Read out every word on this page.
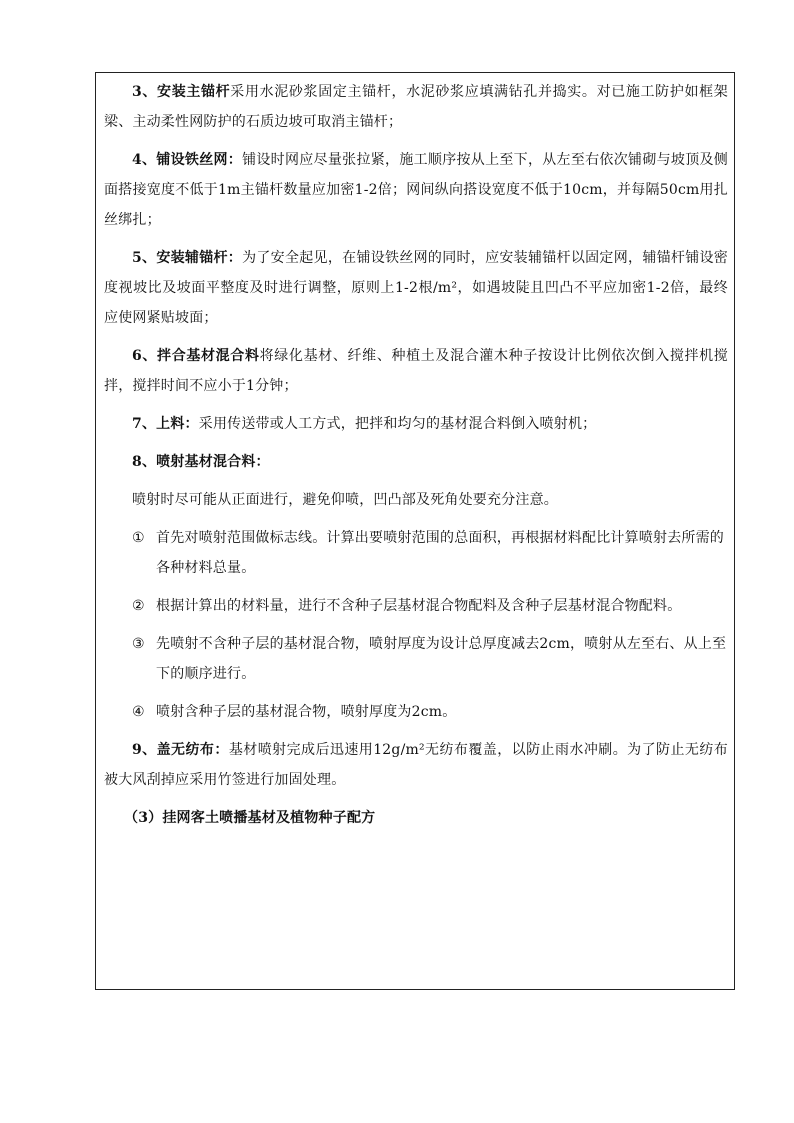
3、安装主锚杆采用水泥砂浆固定主锚杆，水泥砂浆应填满钻孔并捣实。对已施工防护如框架梁、主动柔性网防护的石质边坡可取消主锚杆；

4、铺设铁丝网：铺设时网应尽量张拉紧，施工顺序按从上至下，从左至右依次铺砌与坡顶及侧面搭接宽度不低于1m主锚杆数量应加密1-2倍；网间纵向搭设宽度不低于10cm，并每隔50cm用扎丝绑扎；

5、安装辅锚杆：为了安全起见，在铺设铁丝网的同时，应安装辅锚杆以固定网，辅锚杆铺设密度视坡比及坡面平整度及时进行调整，原则上1-2根/m²，如遇坡陡且凹凸不平应加密1-2倍，最终应使网紧贴坡面；

6、拌合基材混合料将绿化基材、纤维、种植土及混合灌木种子按设计比例依次倒入搅拌机搅拌，搅拌时间不应小于1分钟；

7、上料：采用传送带或人工方式，把拌和均匀的基材混合料倒入喷射机；

8、喷射基材混合料：

喷射时尽可能从正面进行，避免仰喷，凹凸部及死角处要充分注意。

① 首先对喷射范围做标志线。计算出要喷射范围的总面积，再根据材料配比计算喷射去所需的各种材料总量。
② 根据计算出的材料量，进行不含种子层基材混合物配料及含种子层基材混合物配料。
③ 先喷射不含种子层的基材混合物，喷射厚度为设计总厚度减去2cm，喷射从左至右、从上至下的顺序进行。
④ 喷射含种子层的基材混合物，喷射厚度为2cm。

9、盖无纺布：基材喷射完成后迅速用12g/m²无纺布覆盖，以防止雨水冲刷。为了防止无纺布被大风刮掉应采用竹签进行加固处理。

（3）挂网客土喷播基材及植物种子配方
